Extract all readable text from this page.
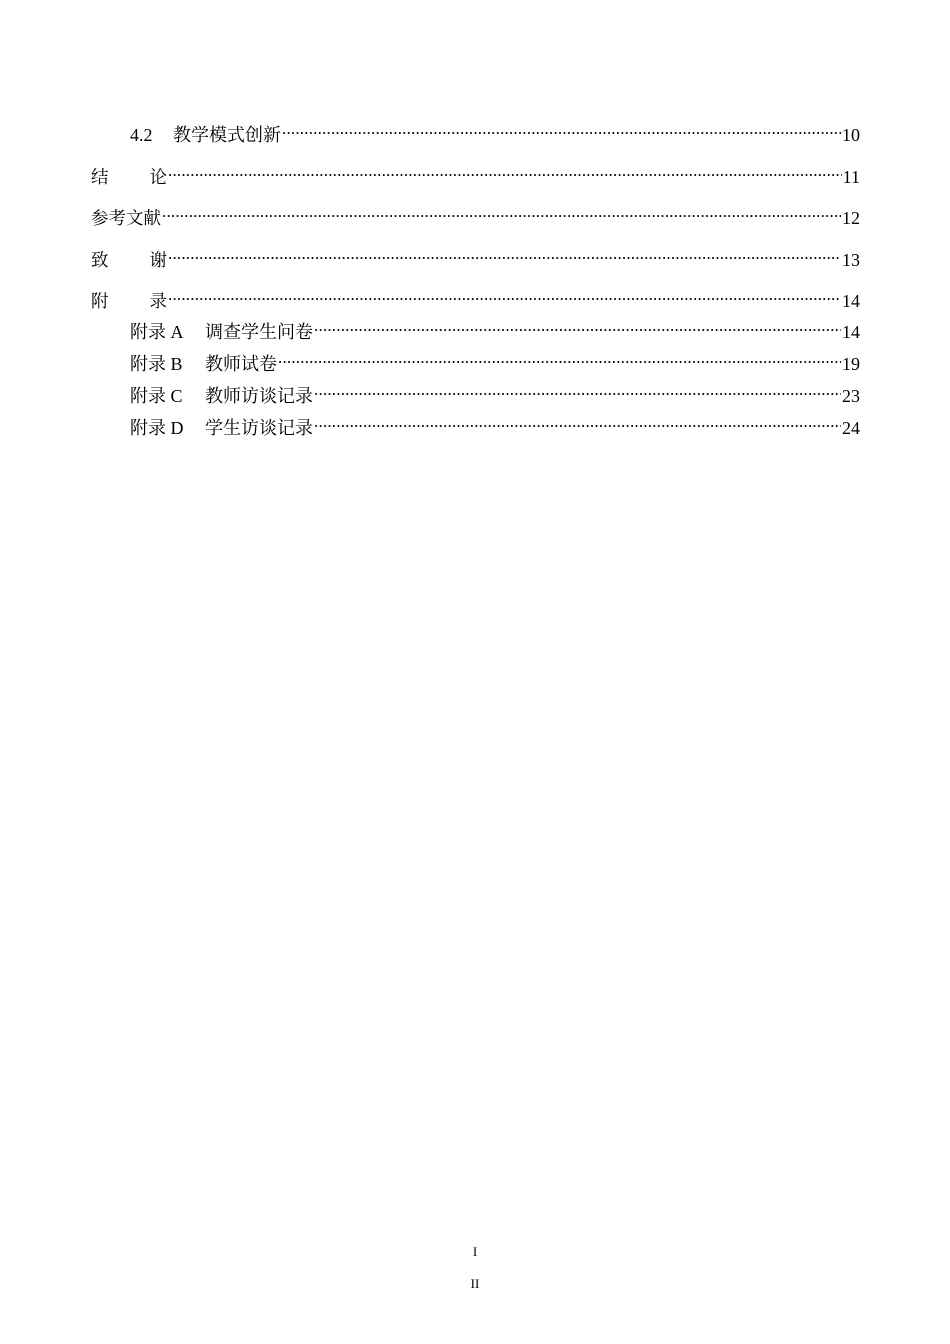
4.2	教学模式创新 .....	10
结论 .....	11
参考文献 .....	12
致谢 .....	13
附录 .....	14
附录 A	调查学生问卷 .....	14
附录 B	教师试卷 .....	19
附录 C	教师访谈记录 .....	23
附录 D	学生访谈记录 .....	24
I
II
